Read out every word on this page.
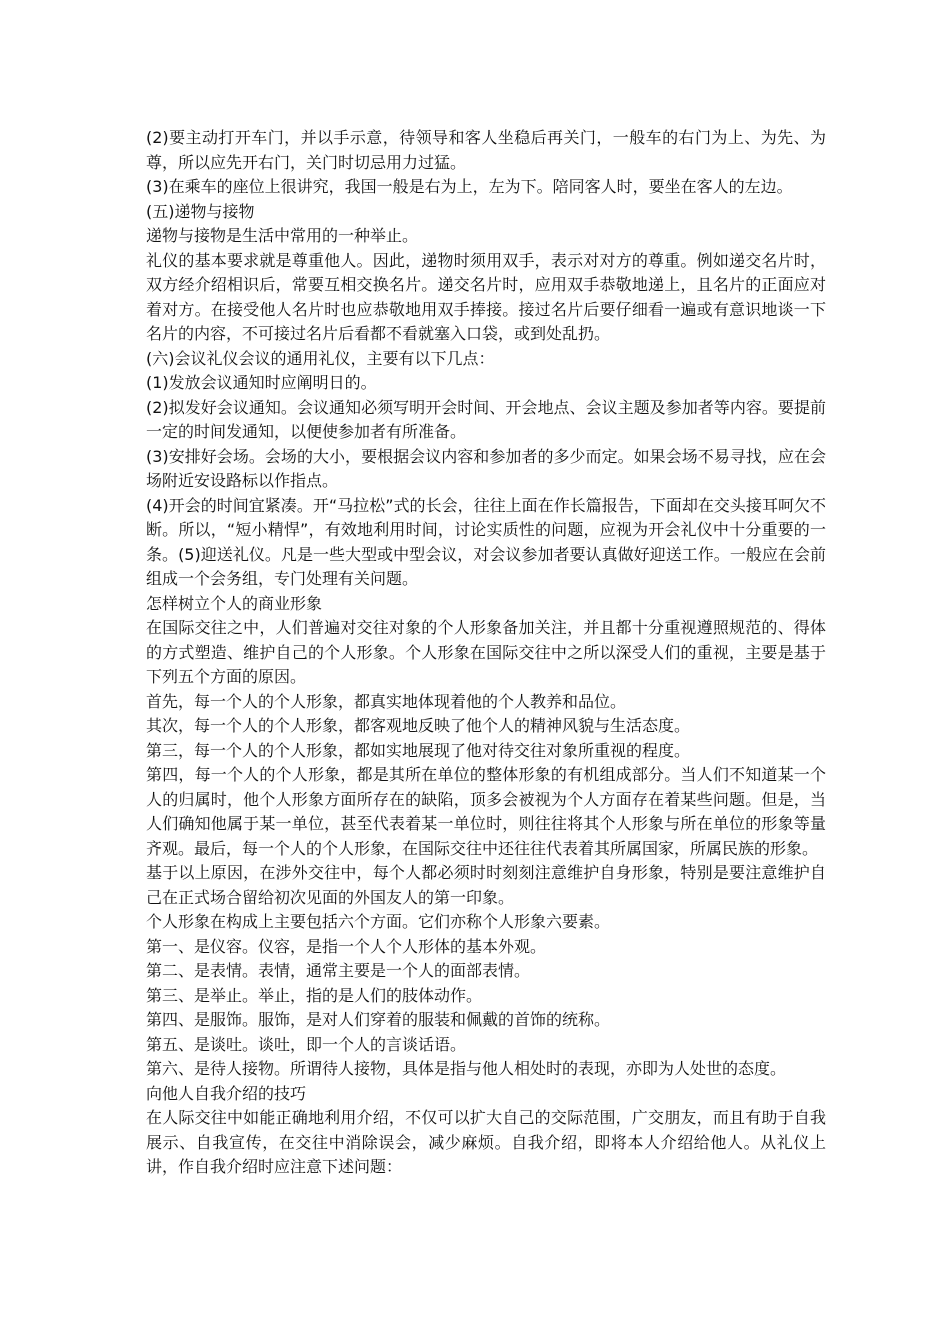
(2)要主动打开车门，并以手示意，待领导和客人坐稳后再关门，一般车的右门为上、为先、为尊，所以应先开右门，关门时切忌用力过猛。

(3)在乘车的座位上很讲究，我国一般是右为上，左为下。陪同客人时，要坐在客人的左边。

(五)递物与接物

递物与接物是生活中常用的一种举止。

礼仪的基本要求就是尊重他人。因此，递物时须用双手，表示对对方的尊重。例如递交名片时，双方经介绍相识后，常要互相交换名片。递交名片时，应用双手恭敬地递上，且名片的正面应对着对方。在接受他人名片时也应恭敬地用双手捧接。接过名片后要仔细看一遍或有意识地谈一下名片的内容，不可接过名片后看都不看就塞入口袋，或到处乱扔。

(六)会议礼仪会议的通用礼仪，主要有以下几点：

(1)发放会议通知时应阐明日的。

(2)拟发好会议通知。会议通知必须写明开会时间、开会地点、会议主题及参加者等内容。要提前一定的时间发通知，以便使参加者有所准备。

(3)安排好会场。会场的大小，要根据会议内容和参加者的多少而定。如果会场不易寻找，应在会场附近安设路标以作指点。

(4)开会的时间宜紧凑。开“马拉松”式的长会，往往上面在作长篇报告，下面却在交头接耳呵欠不断。所以，“短小精悍”，有效地利用时间，讨论实质性的问题，应视为开会礼仪中十分重要的一条。(5)迎送礼仪。凡是一些大型或中型会议，对会议参加者要认真做好迎送工作。一般应在会前组成一个会务组，专门处理有关问题。

怎样树立个人的商业形象

在国际交往之中，人们普遍对交往对象的个人形象备加关注，并且都十分重视遵照规范的、得体的方式塑造、维护自己的个人形象。个人形象在国际交往中之所以深受人们的重视，主要是基于下列五个方面的原因。

首先，每一个人的个人形象，都真实地体现着他的个人教养和品位。

其次，每一个人的个人形象，都客观地反映了他个人的精神风貌与生活态度。

第三，每一个人的个人形象，都如实地展现了他对待交往对象所重视的程度。

第四，每一个人的个人形象，都是其所在单位的整体形象的有机组成部分。当人们不知道某一个人的归属时，他个人形象方面所存在的缺陷，顶多会被视为个人方面存在着某些问题。但是，当人们确知他属于某一单位，甚至代表着某一单位时，则往往将其个人形象与所在单位的形象等量齐观。最后，每一个人的个人形象，在国际交往中还往往代表着其所属国家，所属民族的形象。

基于以上原因，在涉外交往中，每个人都必须时时刻刻注意维护自身形象，特别是要注意维护自己在正式场合留给初次见面的外国友人的第一印象。

个人形象在构成上主要包括六个方面。它们亦称个人形象六要素。

第一、是仪容。仪容，是指一个人个人形体的基本外观。

第二、是表情。表情，通常主要是一个人的面部表情。

第三、是举止。举止，指的是人们的肢体动作。

第四、是服饰。服饰，是对人们穿着的服装和佩戴的首饰的统称。

第五、是谈吐。谈吐，即一个人的言谈话语。

第六、是待人接物。所谓待人接物，具体是指与他人相处时的表现，亦即为人处世的态度。

向他人自我介绍的技巧

在人际交往中如能正确地利用介绍，不仅可以扩大自己的交际范围，广交朋友，而且有助于自我展示、自我宣传，在交往中消除误会，减少麻烦。自我介绍，即将本人介绍给他人。从礼仪上讲，作自我介绍时应注意下述问题：
